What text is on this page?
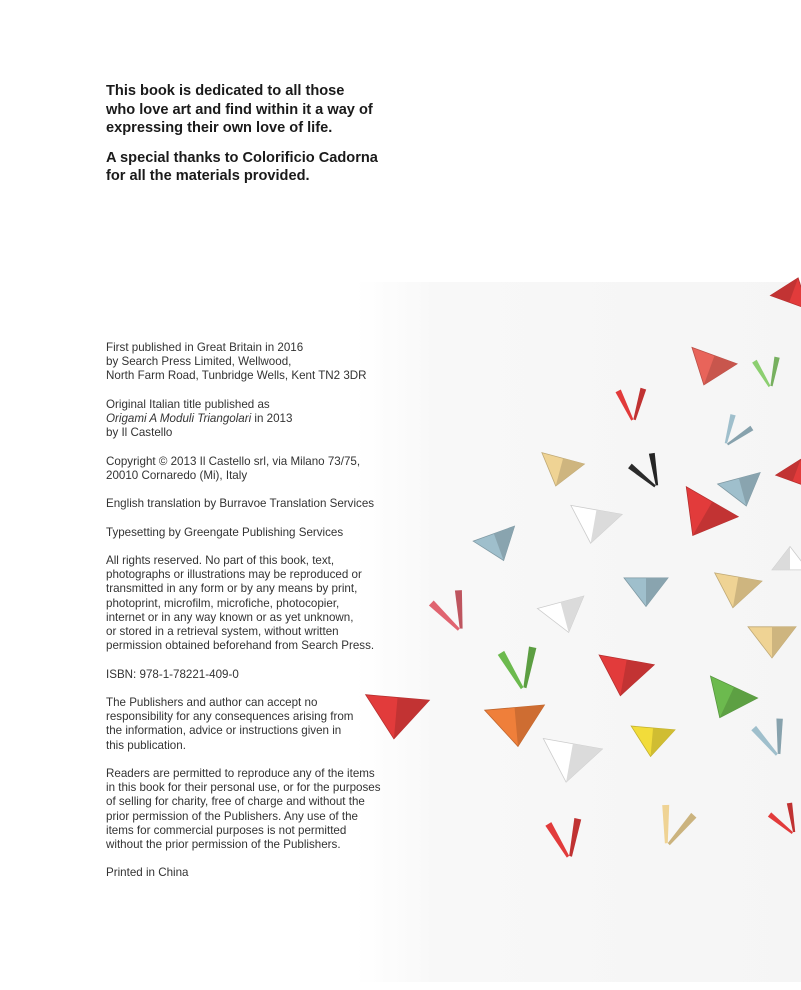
This book is dedicated to all those
who love art and find within it a way of
expressing their own love of life.

A special thanks to Colorificio Cadorna
for all the materials provided.

First published in Great Britain in 2016
by Search Press Limited, Wellwood,
North Farm Road, Tunbridge Wells, Kent TN2 3DR

Original Italian title published as
Origami A Moduli Triangolari in 2013
by Il Castello

Copyright © 2013 Il Castello srl, via Milano 73/75,
20010 Cornaredo (Mi), Italy

English translation by Burravoe Translation Services

Typesetting by Greengate Publishing Services

All rights reserved. No part of this book, text,
photographs or illustrations may be reproduced or
transmitted in any form or by any means by print,
photoprint, microfilm, microfiche, photocopier,
internet or in any way known or as yet unknown,
or stored in a retrieval system, without written
permission obtained beforehand from Search Press.

ISBN: 978-1-78221-409-0

The Publishers and author can accept no
responsibility for any consequences arising from
the information, advice or instructions given in
this publication.

Readers are permitted to reproduce any of the items
in this book for their personal use, or for the purposes
of selling for charity, free of charge and without the
prior permission of the Publishers. Any use of the
items for commercial purposes is not permitted
without the prior permission of the Publishers.

Printed in China
